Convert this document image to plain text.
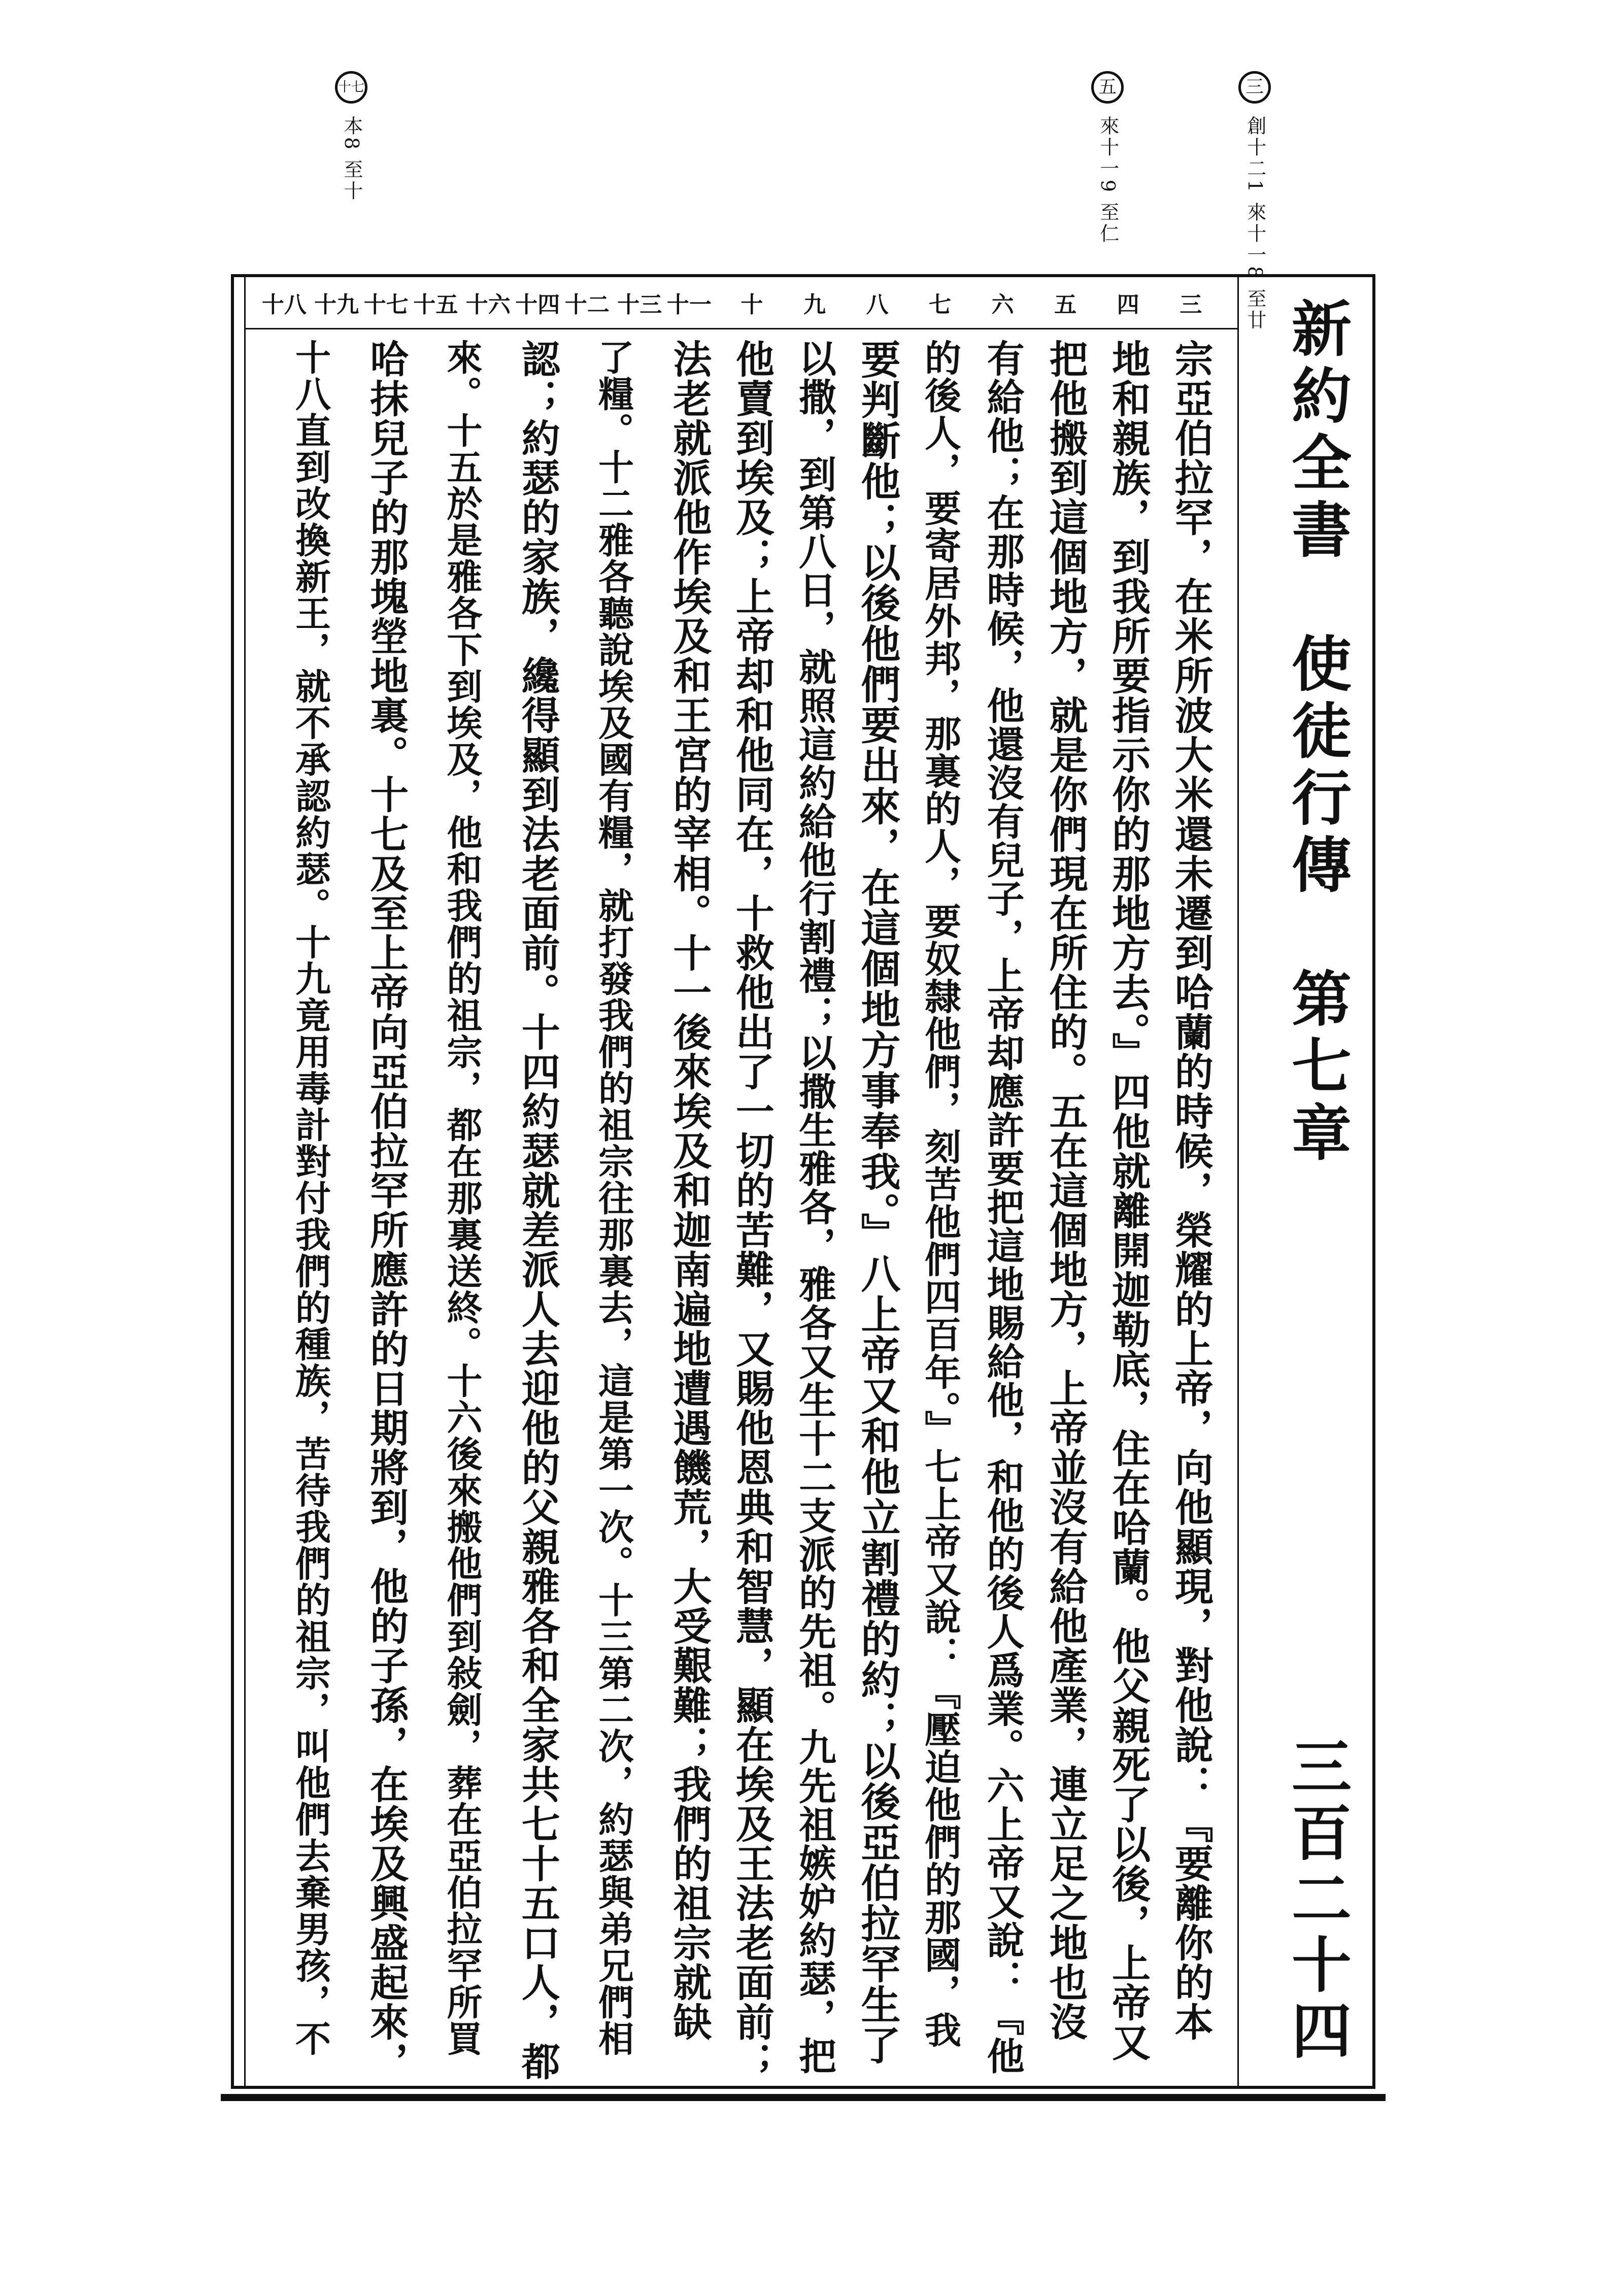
三
創十二1 來十一8 至廿
五
來十一9 至仁
十七
本8 至十
三
宗亞伯拉罕，在米所波大米還未遷到哈蘭的時候，榮耀的上帝，向他顯現，對他說：『要離你的本
四
地和親族，到我所要指示你的那地方去。』四他就離開迦勒底，住在哈蘭。他父親死了以後，上帝又
五
把他搬到這個地方，就是你們現在所住的。五在這個地方，上帝並沒有給他產業，連立足之地也沒
六
有給他；在那時候，他還沒有兒子，上帝却應許要把這地賜給他，和他的後人爲業。六上帝又說：『他
七
的後人，要寄居外邦，那裏的人，要奴隸他們，刻苦他們四百年。』七上帝又說：『壓迫他們的那國，我
八
要判斷他；以後他們要出來，在這個地方事奉我。』八上帝又和他立割禮的約；以後亞伯拉罕生了
九
以撒，到第八日，就照這約給他行割禮；以撒生雅各，雅各又生十二支派的先祖。九先祖嫉妒約瑟，把
十
他賣到埃及；上帝却和他同在，十救他出了一切的苦難，又賜他恩典和智慧，顯在埃及王法老面前；
十一
法老就派他作埃及和王宮的宰相。十一後來埃及和迦南遍地遭遇饑荒，大受艱難；我們的祖宗就缺
十二 十三
了糧。十二雅各聽說埃及國有糧，就打發我們的祖宗往那裏去，這是第一次。十三第二次，約瑟與弟兄們相
十四
認；約瑟的家族，纔得顯到法老面前。十四約瑟就差派人去迎他的父親雅各和全家共七十五口人，都
十五 十六
來。十五於是雅各下到埃及，他和我們的祖宗，都在那裏送終。十六後來搬他們到敍劍，葬在亞伯拉罕所買
十七
哈抹兒子的那塊塋地裏。十七及至上帝向亞伯拉罕所應許的日期將到，他的子孫，在埃及興盛起來，
十八 十九
十八直到改換新王，就不承認約瑟。十九竟用毒計對付我們的種族，苦待我們的祖宗，叫他們去棄男孩，不	新約全書　使徒行傳　第七章
三百二十四
